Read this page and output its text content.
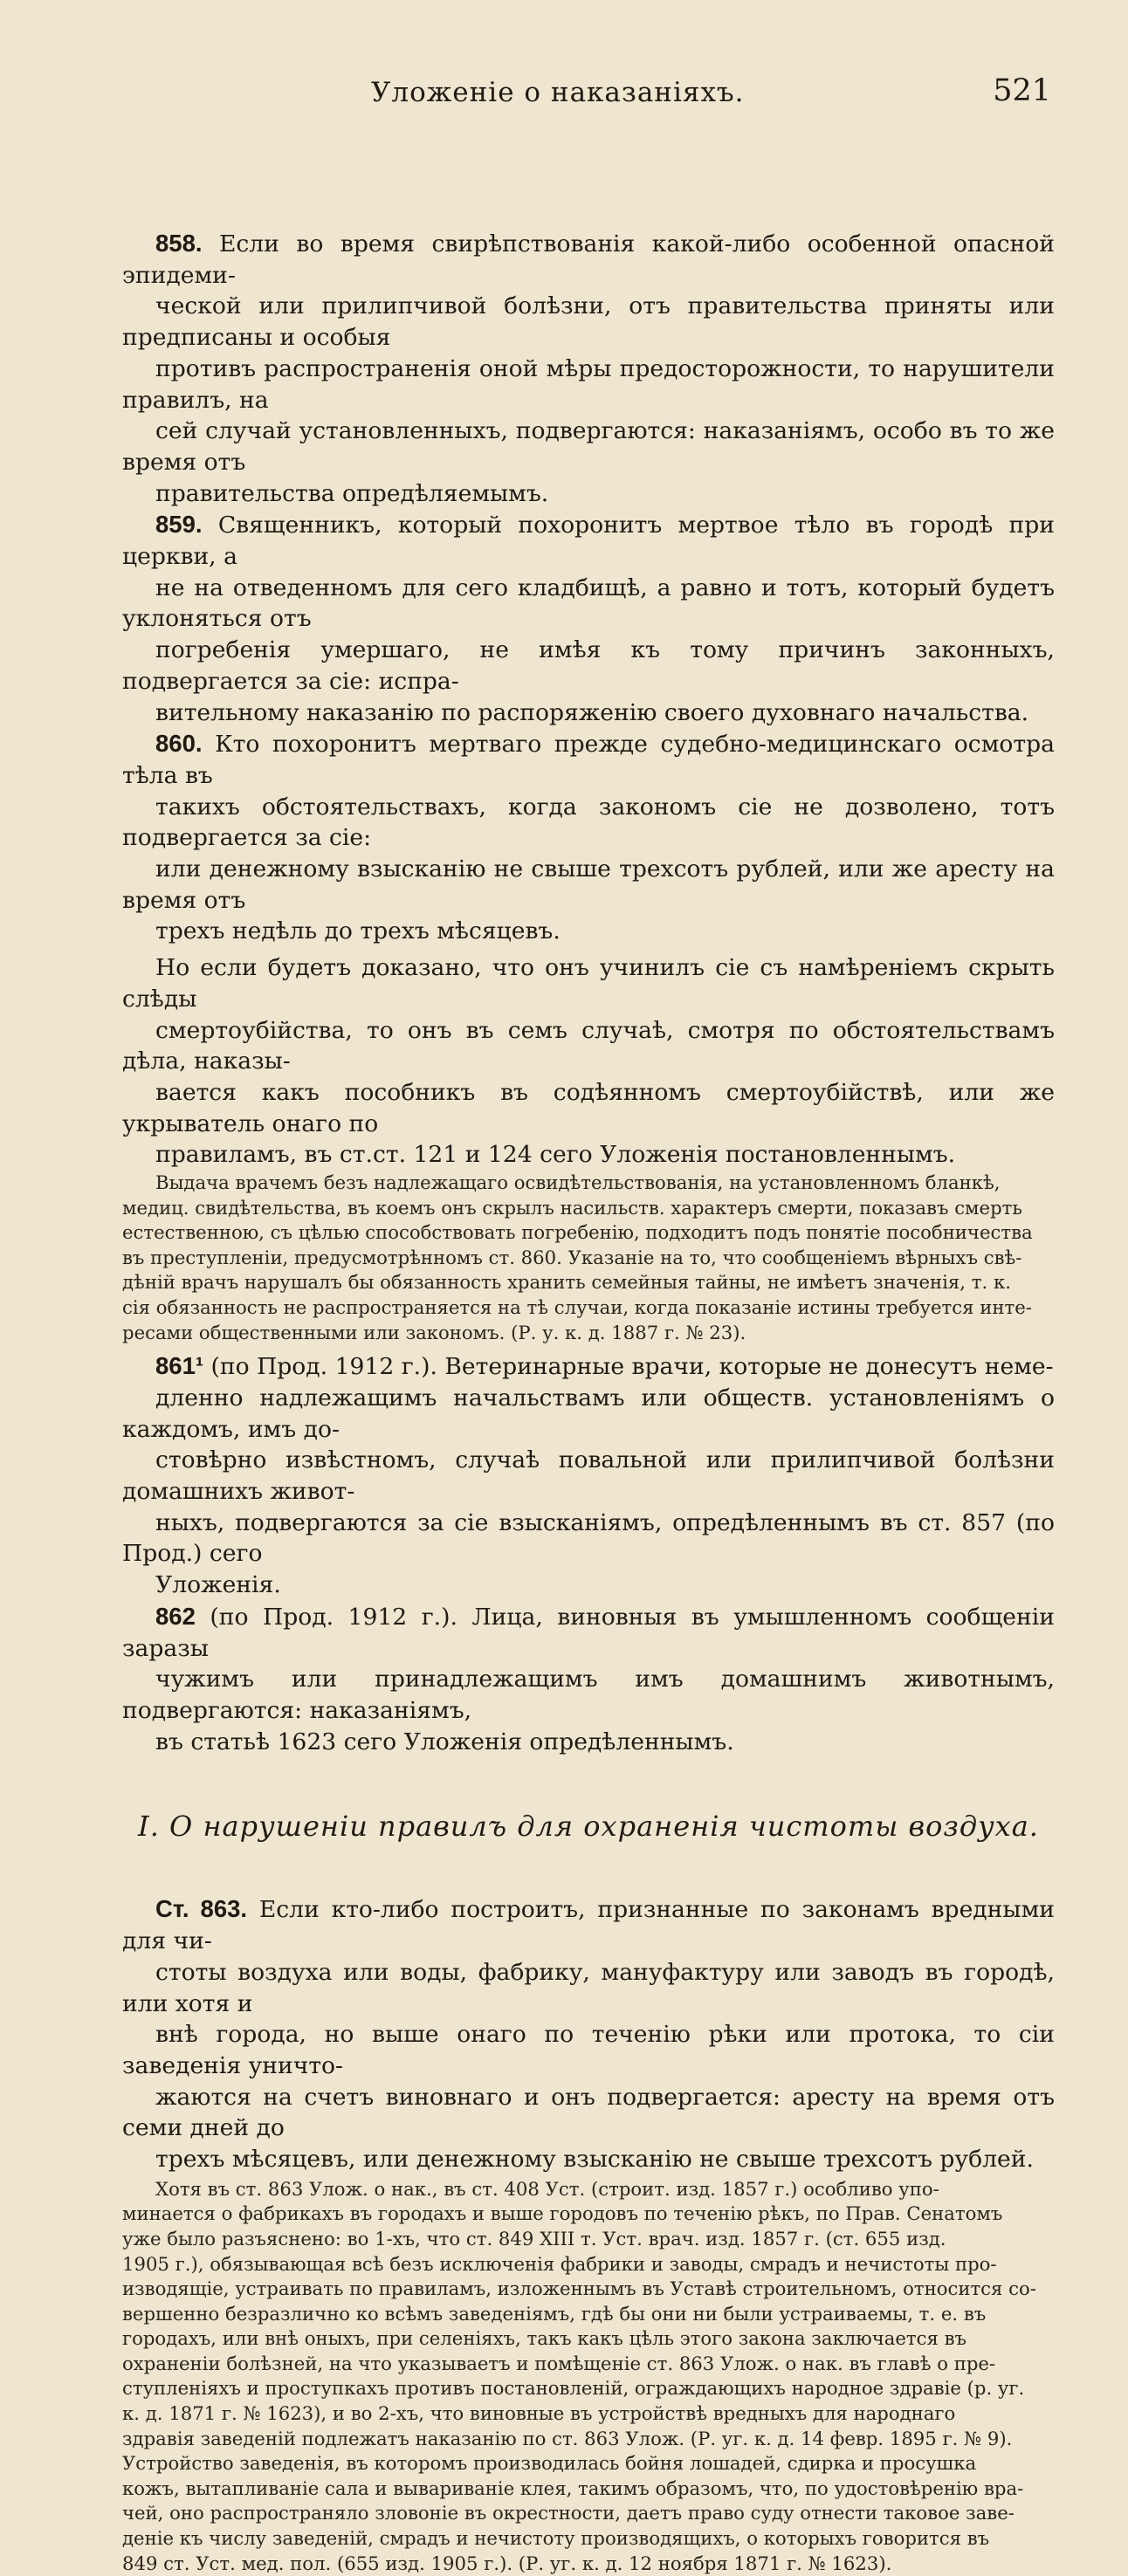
Уложеніе о наказаніяхъ.	521
858. Если во время свирѣпствованія какой-либо особенной опасной эпидеми-
ческой или прилипчивой болѣзни, отъ правительства приняты или предписаны и особыя
противъ распространенія оной мѣры предосторожности, то нарушители правилъ, на
сей случай установленныхъ, подвергаются: наказаніямъ, особо въ то же время отъ
правительства опредѣляемымъ.
859. Священникъ, который похоронитъ мертвое тѣло въ городѣ при церкви, а
не на отведенномъ для сего кладбищѣ, а равно и тотъ, который будетъ уклоняться отъ
погребенія умершаго, не имѣя къ тому причинъ законныхъ, подвергается за сіе: испра-
вительному наказанію по распоряженію своего духовнаго начальства.
860. Кто похоронитъ мертваго прежде судебно-медицинскаго осмотра тѣла въ
такихъ обстоятельствахъ, когда закономъ сіе не дозволено, тотъ подвергается за сіе:
или денежному взысканію не свыше трехсотъ рублей, или же аресту на время отъ
трехъ недѣль до трехъ мѣсяцевъ.
Но если будетъ доказано, что онъ учинилъ сіе съ намѣреніемъ скрыть слѣды
смертоубійства, то онъ въ семъ случаѣ, смотря по обстоятельствамъ дѣла, наказы-
вается какъ пособникъ въ содѣянномъ смертоубійствѣ, или же укрыватель онаго по
правиламъ, въ ст.ст. 121 и 124 сего Уложенія постановленнымъ.
Выдача врачемъ безъ надлежащаго освидѣтельствованія, на установленномъ бланкѣ,
медиц. свидѣтельства, въ коемъ онъ скрылъ насильств. характеръ смерти, показавъ смерть
естественною, съ цѣлью способствовать погребенію, подходитъ подъ понятіе пособничества
въ преступленіи, предусмотрѣнномъ ст. 860. Указаніе на то, что сообщеніемъ вѣрныхъ свѣ-
дѣній врачъ нарушалъ бы обязанность хранить семейныя тайны, не имѣетъ значенія, т. к.
сія обязанность не распространяется на тѣ случаи, когда показаніе истины требуется инте-
ресами общественными или закономъ. (Р. у. к. д. 1887 г. № 23).
861¹ (по Прод. 1912 г.). Ветеринарные врачи, которые не донесутъ неме-
дленно надлежащимъ начальствамъ или обществ. установленіямъ о каждомъ, имъ до-
стовѣрно извѣстномъ, случаѣ повальной или прилипчивой болѣзни домашнихъ живот-
ныхъ, подвергаются за сіе взысканіямъ, опредѣленнымъ въ ст. 857 (по Прод.) сего
Уложенія.
862 (по Прод. 1912 г.). Лица, виновныя въ умышленномъ сообщеніи заразы
чужимъ или принадлежащимъ имъ домашнимъ животнымъ, подвергаются: наказаніямъ,
въ статьѣ 1623 сего Уложенія опредѣленнымъ.
I. О нарушеніи правилъ для охраненія чистоты воздуха.
Ст. 863. Если кто-либо построитъ, признанные по законамъ вредными для чи-
стоты воздуха или воды, фабрику, мануфактуру или заводъ въ городѣ, или хотя и
внѣ города, но выше онаго по теченію рѣки или протока, то сіи заведенія уничто-
жаются на счетъ виновнаго и онъ подвергается: аресту на время отъ семи дней до
трехъ мѣсяцевъ, или денежному взысканію не свыше трехсотъ рублей.
Хотя въ ст. 863 Улож. о нак., въ ст. 408 Уст. (строит. изд. 1857 г.) особливо упо-
минается о фабрикахъ въ городахъ и выше городовъ по теченію рѣкъ, по Прав. Сенатомъ
уже было разъяснено: во 1-хъ, что ст. 849 XIII т. Уст. врач. изд. 1857 г. (ст. 655 изд.
1905 г.), обязывающая всѣ безъ исключенія фабрики и заводы, смрадъ и нечистоты про-
изводящіе, устраивать по правиламъ, изложеннымъ въ Уставѣ строительномъ, относится со-
вершенно безразлично ко всѣмъ заведеніямъ, гдѣ бы они ни были устраиваемы, т. е. въ
городахъ, или внѣ оныхъ, при селеніяхъ, такъ какъ цѣль этого закона заключается въ
охраненіи болѣзней, на что указываетъ и помѣщеніе ст. 863 Улож. о нак. въ главѣ о пре-
ступленіяхъ и проступкахъ противъ постановленій, ограждающихъ народное здравіе (р. уг.
к. д. 1871 г. № 1623), и во 2-хъ, что виновные въ устройствѣ вредныхъ для народнаго
здравія заведеній подлежатъ наказанію по ст. 863 Улож. (Р. уг. к. д. 14 февр. 1895 г. № 9).
Устройство заведенія, въ которомъ производилась бойня лошадей, сдирка и просушка
кожъ, вытапливаніе сала и вывариваніе клея, такимъ образомъ, что, по удостовѣренію вра-
чей, оно распространяло зловоніе въ окрестности, даетъ право суду отнести таковое заве-
деніе къ числу заведеній, смрадъ и нечистоту производящихъ, о которыхъ говорится въ
849 ст. Уст. мед. пол. (655 изд. 1905 г.). (Р. уг. к. д. 12 ноября 1871 г. № 1623).
